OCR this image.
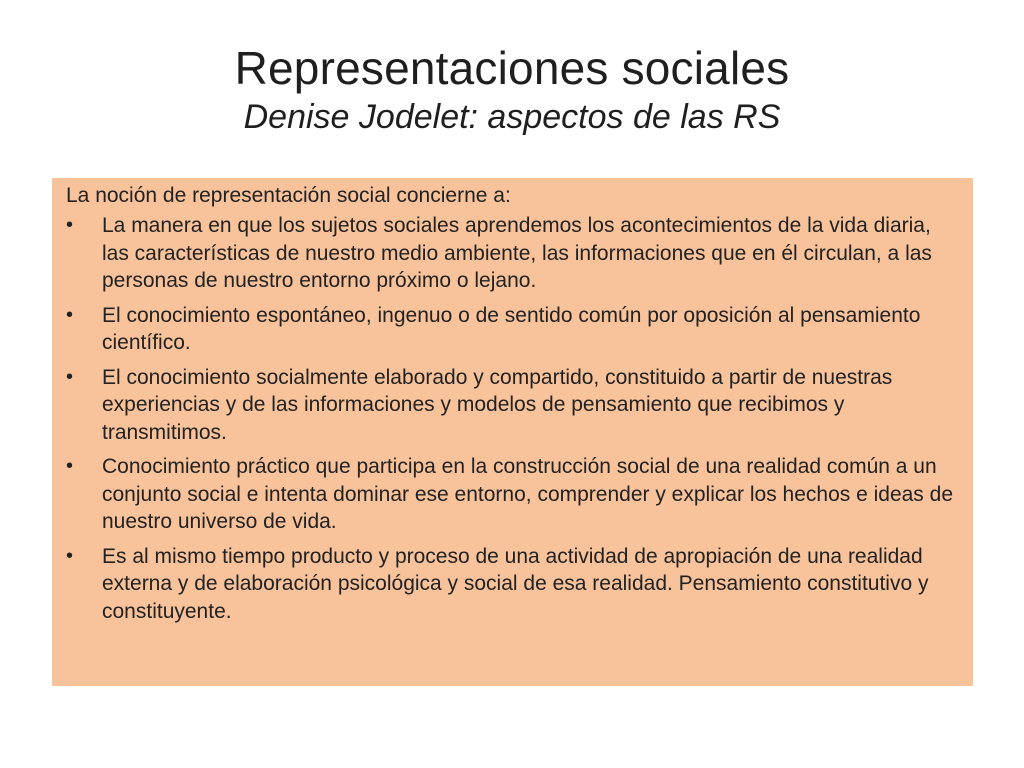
Representaciones sociales
Denise Jodelet: aspectos de las RS
La noción de representación social concierne a:
• La manera en que los sujetos sociales aprendemos los acontecimientos de la vida diaria, las características de nuestro medio ambiente, las informaciones que en él circulan, a las personas de nuestro entorno próximo o lejano.
• El conocimiento espontáneo, ingenuo o de sentido común por oposición al pensamiento científico.
• El conocimiento socialmente elaborado y compartido, constituido a partir de nuestras experiencias y de las informaciones y modelos de pensamiento que recibimos y transmitimos.
• Conocimiento práctico que participa en la construcción social de una realidad común a un conjunto social e intenta dominar ese entorno, comprender y explicar los hechos e ideas de nuestro universo de vida.
• Es al mismo tiempo producto y proceso de una actividad de apropiación de una realidad externa y de elaboración psicológica y social de esa realidad. Pensamiento constitutivo y constituyente.
